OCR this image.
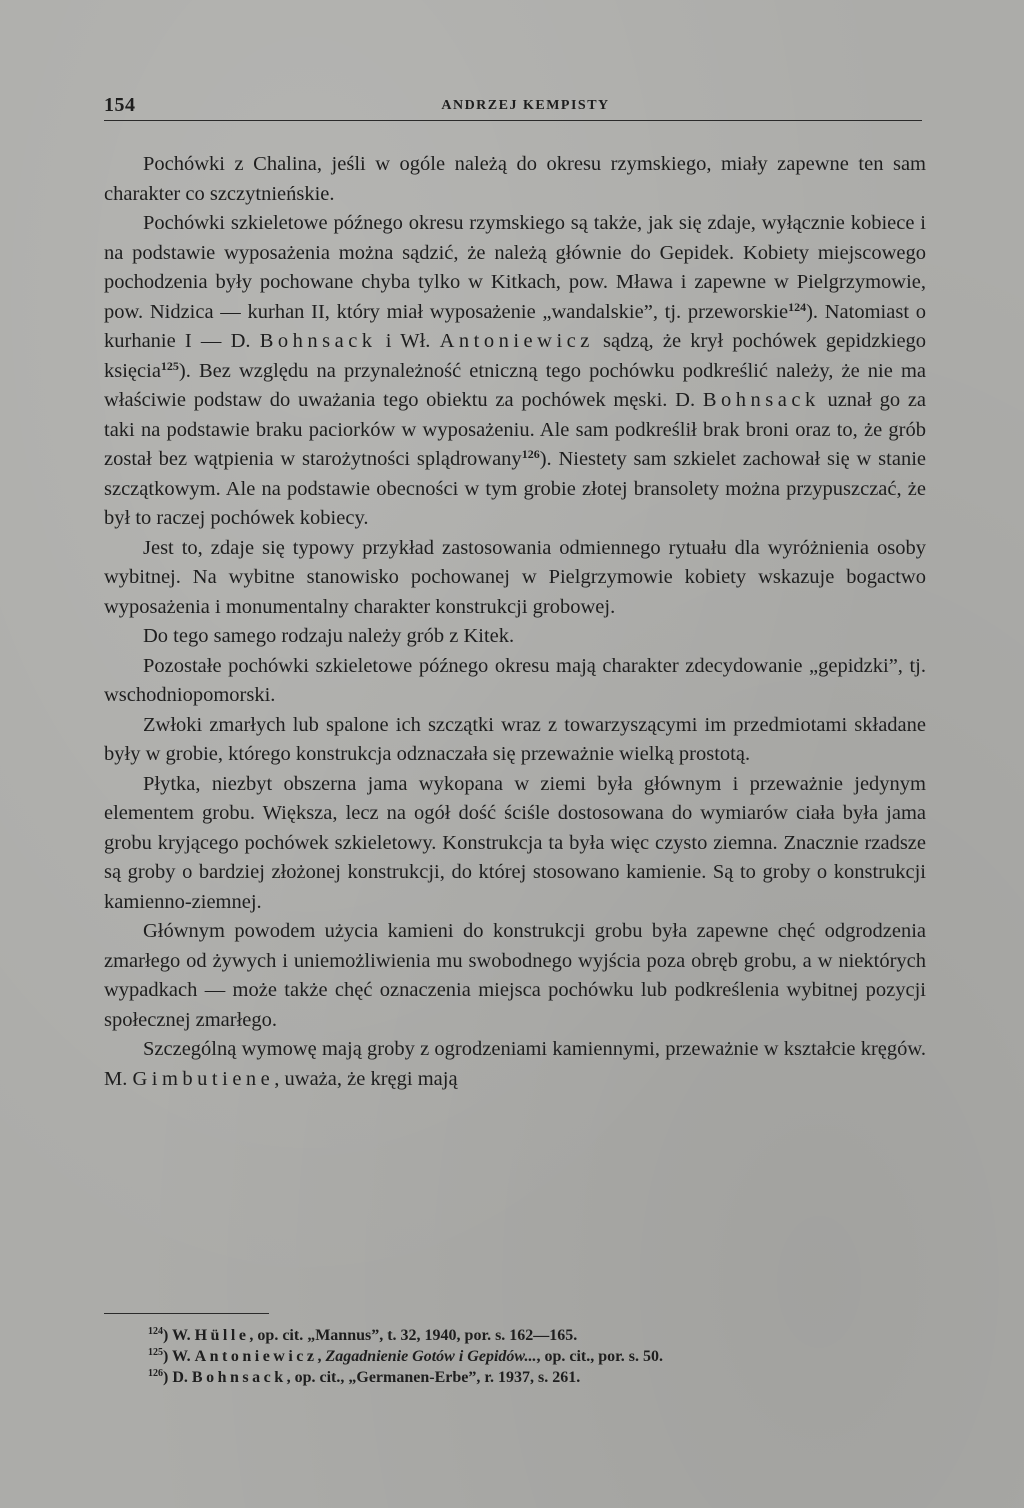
154	ANDRZEJ KEMPISTY

Pochówki z Chalina, jeśli w ogóle należą do okresu rzymskiego, miały zapewne ten sam charakter co szczytnieńskie.

Pochówki szkieletowe późnego okresu rzymskiego są także, jak się zdaje, wyłącznie kobiece i na podstawie wyposażenia można sądzić, że należą głównie do Gepidek. Kobiety miejscowego pochodzenia były pochowane chyba tylko w Kitkach, pow. Mława i zapewne w Pielgrzymowie, pow. Nidzica — kurhan II, który miał wyposażenie „wandalskie”, tj. przeworskie$^{124}$). Natomiast o kurhanie I — D. Bohnsack i Wł. Antoniewicz sądzą, że krył pochówek gepidzkiego księcia$^{125}$). Bez względu na przynależność etniczną tego pochówku podkreślić należy, że nie ma właściwie podstaw do uważania tego obiektu za pochówek męski. D. Bohnsack uznał go za taki na podstawie braku paciorków w wyposażeniu. Ale sam podkreślił brak broni oraz to, że grób został bez wątpienia w starożytności splądrowany$^{126}$). Niestety sam szkielet zachował się w stanie szczątkowym. Ale na podstawie obecności w tym grobie złotej bransolety można przypuszczać, że był to raczej pochówek kobiecy.

Jest to, zdaje się typowy przykład zastosowania odmiennego rytuału dla wyróżnienia osoby wybitnej. Na wybitne stanowisko pochowanej w Pielgrzymowie kobiety wskazuje bogactwo wyposażenia i monumentalny charakter konstrukcji grobowej.

Do tego samego rodzaju należy grób z Kitek.

Pozostałe pochówki szkieletowe późnego okresu mają charakter zdecydowanie „gepidzki”, tj. wschodniopomorski.

Zwłoki zmarłych lub spalone ich szczątki wraz z towarzyszącymi im przedmiotami składane były w grobie, którego konstrukcja odznaczała się przeważnie wielką prostotą.

Płytka, niezbyt obszerna jama wykopana w ziemi była głównym i przeważnie jedynym elementem grobu. Większa, lecz na ogół dość ściśle dostosowana do wymiarów ciała była jama grobu kryjącego pochówek szkieletowy. Konstrukcja ta była więc czysto ziemna. Znacznie rzadsze są groby o bardziej złożonej konstrukcji, do której stosowano kamienie. Są to groby o konstrukcji kamienno-ziemnej.

Głównym powodem użycia kamieni do konstrukcji grobu była zapewne chęć odgrodzenia zmarłego od żywych i uniemożliwienia mu swobodnego wyjścia poza obręb grobu, a w niektórych wypadkach — może także chęć oznaczenia miejsca pochówku lub podkreślenia wybitnej pozycji społecznej zmarłego.

Szczególną wymowę mają groby z ogrodzeniami kamiennymi, przeważnie w kształcie kręgów. M. Gimbutiene, uważa, że kręgi mają

$^{124}$) W. Hülle, op. cit. „Mannus”, t. 32, 1940, por. s. 162—165.
$^{125}$) W. Antoniewicz, Zagadnienie Gotów i Gepidów..., op. cit., por. s. 50.
$^{126}$) D. Bohnsack, op. cit., „Germanen-Erbe”, r. 1937, s. 261.
